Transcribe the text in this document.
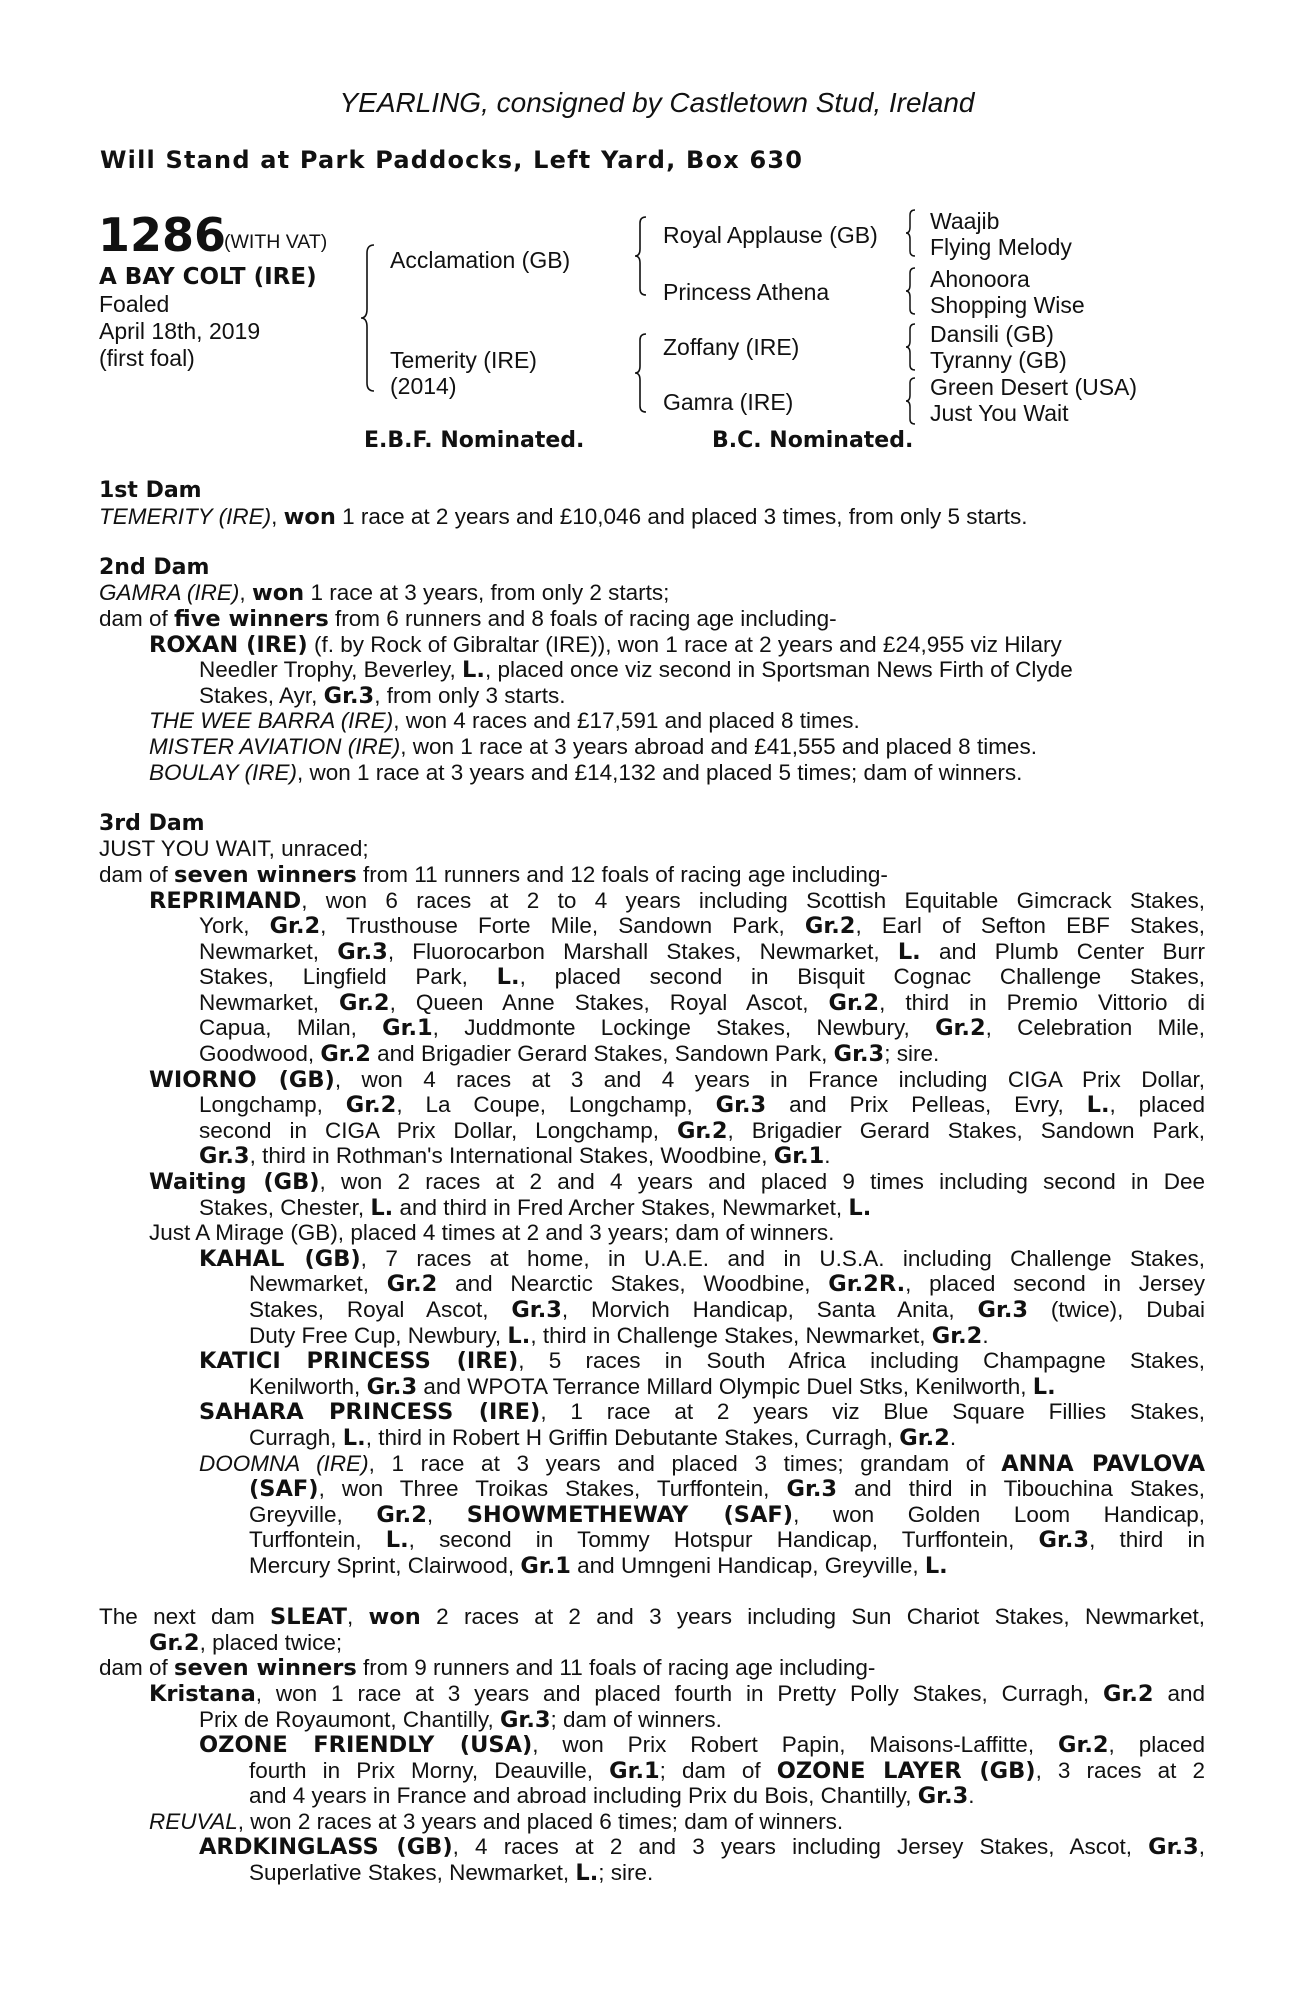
YEARLING, consigned by Castletown Stud, Ireland
Will Stand at Park Paddocks, Left Yard, Box 630
1286
(WITH VAT)
A BAY COLT (IRE)
Foaled
April 18th, 2019
(first foal)
Acclamation (GB)
Temerity (IRE)
(2014)
Royal Applause (GB)
Princess Athena
Zoffany (IRE)
Gamra (IRE)
Waajib
Flying Melody
Ahonoora
Shopping Wise
Dansili (GB)
Tyranny (GB)
Green Desert (USA)
Just You Wait
E.B.F. Nominated.	B.C. Nominated.
1st Dam
TEMERITY (IRE), won 1 race at 2 years and £10,046 and placed 3 times, from only 5 starts.
2nd Dam
GAMRA (IRE), won 1 race at 3 years, from only 2 starts;
dam of five winners from 6 runners and 8 foals of racing age including-
ROXAN (IRE) (f. by Rock of Gibraltar (IRE)), won 1 race at 2 years and £24,955 viz Hilary
Needler Trophy, Beverley, L., placed once viz second in Sportsman News Firth of Clyde
Stakes, Ayr, Gr.3, from only 3 starts.
THE WEE BARRA (IRE), won 4 races and £17,591 and placed 8 times.
MISTER AVIATION (IRE), won 1 race at 3 years abroad and £41,555 and placed 8 times.
BOULAY (IRE), won 1 race at 3 years and £14,132 and placed 5 times; dam of winners.
3rd Dam
JUST YOU WAIT, unraced;
dam of seven winners from 11 runners and 12 foals of racing age including-
REPRIMAND, won 6 races at 2 to 4 years including Scottish Equitable Gimcrack Stakes,
York, Gr.2, Trusthouse Forte Mile, Sandown Park, Gr.2, Earl of Sefton EBF Stakes,
Newmarket, Gr.3, Fluorocarbon Marshall Stakes, Newmarket, L. and Plumb Center Burr
Stakes, Lingfield Park, L., placed second in Bisquit Cognac Challenge Stakes,
Newmarket, Gr.2, Queen Anne Stakes, Royal Ascot, Gr.2, third in Premio Vittorio di
Capua, Milan, Gr.1, Juddmonte Lockinge Stakes, Newbury, Gr.2, Celebration Mile,
Goodwood, Gr.2 and Brigadier Gerard Stakes, Sandown Park, Gr.3; sire.
WIORNO (GB), won 4 races at 3 and 4 years in France including CIGA Prix Dollar,
Longchamp, Gr.2, La Coupe, Longchamp, Gr.3 and Prix Pelleas, Evry, L., placed
second in CIGA Prix Dollar, Longchamp, Gr.2, Brigadier Gerard Stakes, Sandown Park,
Gr.3, third in Rothman's International Stakes, Woodbine, Gr.1.
Waiting (GB), won 2 races at 2 and 4 years and placed 9 times including second in Dee
Stakes, Chester, L. and third in Fred Archer Stakes, Newmarket, L.
Just A Mirage (GB), placed 4 times at 2 and 3 years; dam of winners.
KAHAL (GB), 7 races at home, in U.A.E. and in U.S.A. including Challenge Stakes,
Newmarket, Gr.2 and Nearctic Stakes, Woodbine, Gr.2R., placed second in Jersey
Stakes, Royal Ascot, Gr.3, Morvich Handicap, Santa Anita, Gr.3 (twice), Dubai
Duty Free Cup, Newbury, L., third in Challenge Stakes, Newmarket, Gr.2.
KATICI PRINCESS (IRE), 5 races in South Africa including Champagne Stakes,
Kenilworth, Gr.3 and WPOTA Terrance Millard Olympic Duel Stks, Kenilworth, L.
SAHARA PRINCESS (IRE), 1 race at 2 years viz Blue Square Fillies Stakes,
Curragh, L., third in Robert H Griffin Debutante Stakes, Curragh, Gr.2.
DOOMNA (IRE), 1 race at 3 years and placed 3 times; grandam of ANNA PAVLOVA
(SAF), won Three Troikas Stakes, Turffontein, Gr.3 and third in Tibouchina Stakes,
Greyville, Gr.2, SHOWMETHEWAY (SAF), won Golden Loom Handicap,
Turffontein, L., second in Tommy Hotspur Handicap, Turffontein, Gr.3, third in
Mercury Sprint, Clairwood, Gr.1 and Umngeni Handicap, Greyville, L.
The next dam SLEAT, won 2 races at 2 and 3 years including Sun Chariot Stakes, Newmarket,
Gr.2, placed twice;
dam of seven winners from 9 runners and 11 foals of racing age including-
Kristana, won 1 race at 3 years and placed fourth in Pretty Polly Stakes, Curragh, Gr.2 and
Prix de Royaumont, Chantilly, Gr.3; dam of winners.
OZONE FRIENDLY (USA), won Prix Robert Papin, Maisons-Laffitte, Gr.2, placed
fourth in Prix Morny, Deauville, Gr.1; dam of OZONE LAYER (GB), 3 races at 2
and 4 years in France and abroad including Prix du Bois, Chantilly, Gr.3.
REUVAL, won 2 races at 3 years and placed 6 times; dam of winners.
ARDKINGLASS (GB), 4 races at 2 and 3 years including Jersey Stakes, Ascot, Gr.3,
Superlative Stakes, Newmarket, L.; sire.
